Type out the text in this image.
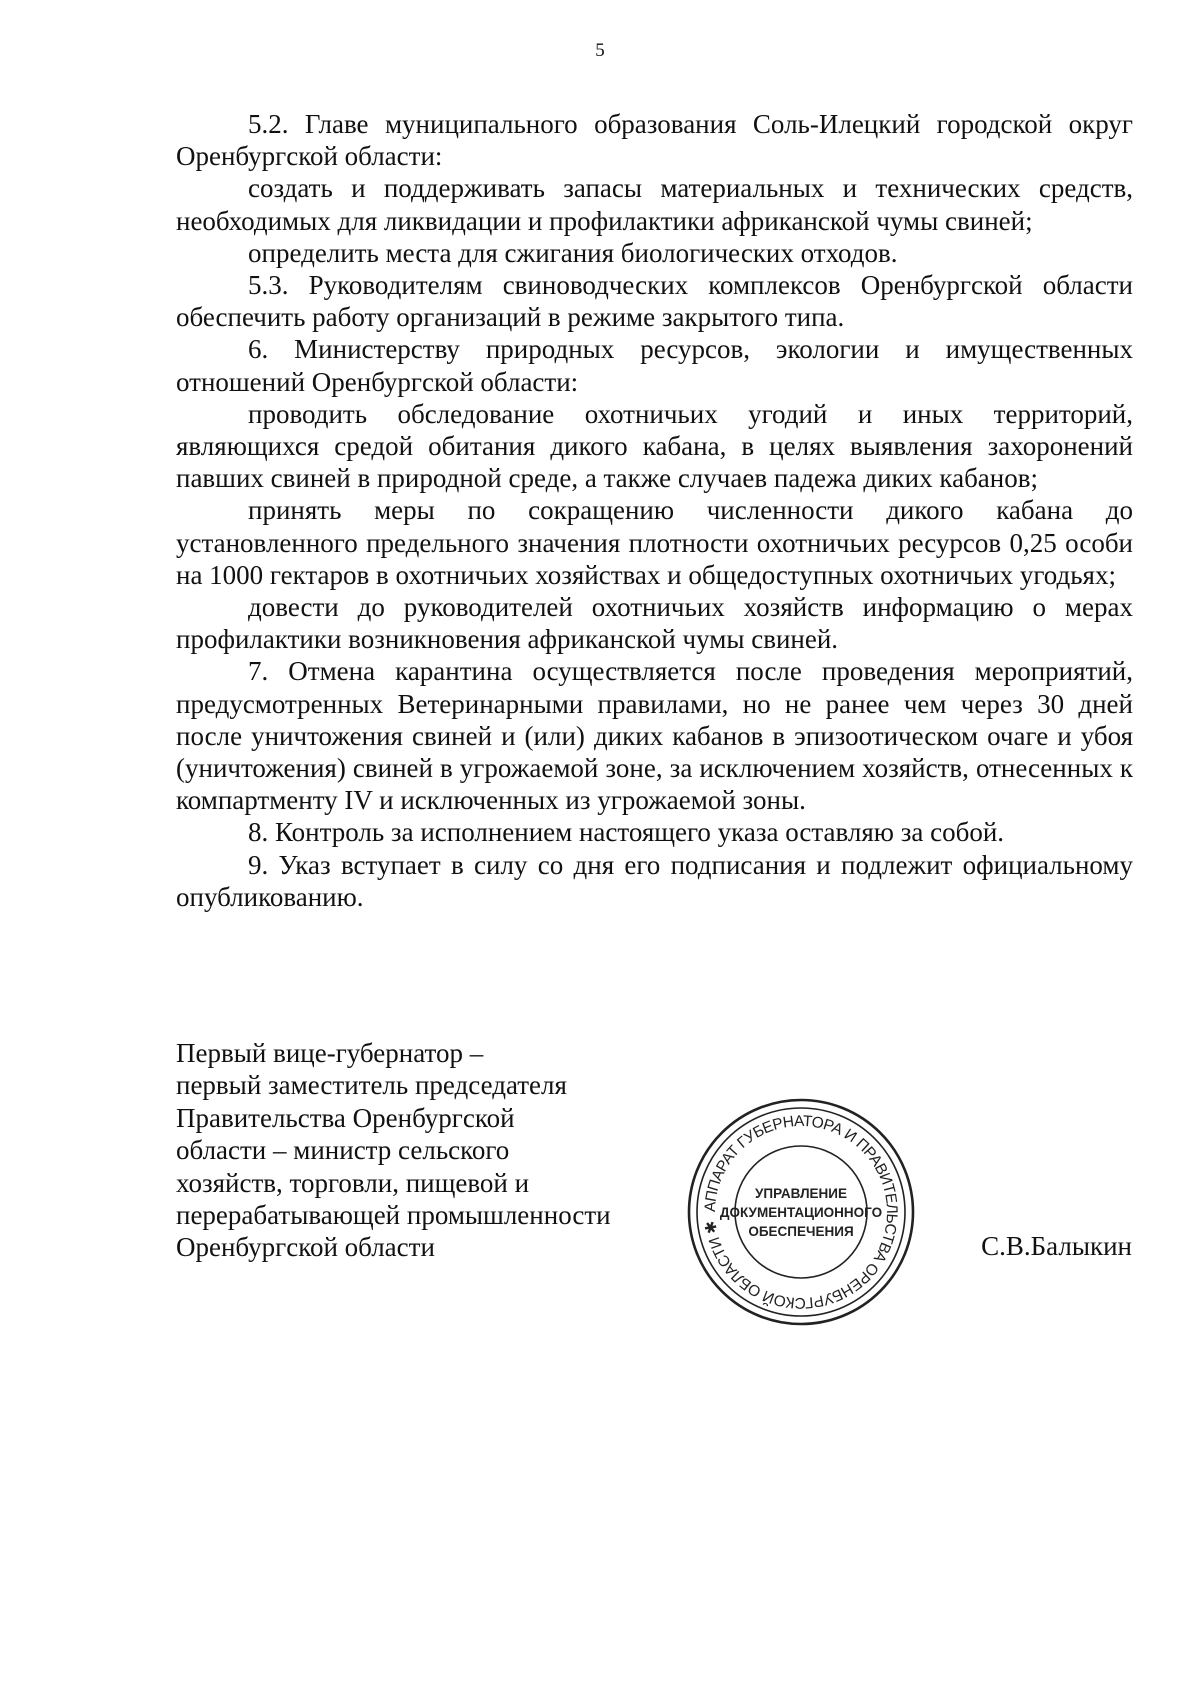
5

5.2. Главе муниципального образования Соль-Илецкий городской округ Оренбургской области:

создать и поддерживать запасы материальных и технических средств, необходимых для ликвидации и профилактики африканской чумы свиней;

определить места для сжигания биологических отходов.

5.3. Руководителям свиноводческих комплексов Оренбургской области обеспечить работу организаций в режиме закрытого типа.

6. Министерству природных ресурсов, экологии и имущественных отношений Оренбургской области:

проводить обследование охотничьих угодий и иных территорий, являющихся средой обитания дикого кабана, в целях выявления захоронений павших свиней в природной среде, а также случаев падежа диких кабанов;

принять меры по сокращению численности дикого кабана до установленного предельного значения плотности охотничьих ресурсов 0,25 особи на 1000 гектаров в охотничьих хозяйствах и общедоступных охотничьих угодьях;

довести до руководителей охотничьих хозяйств информацию о мерах профилактики возникновения африканской чумы свиней.

7. Отмена карантина осуществляется после проведения мероприятий, предусмотренных Ветеринарными правилами, но не ранее чем через 30 дней после уничтожения свиней и (или) диких кабанов в эпизоотическом очаге и убоя (уничтожения) свиней в угрожаемой зоне, за исключением хозяйств, отнесенных к компартменту IV и исключенных из угрожаемой зоны.

8. Контроль за исполнением настоящего указа оставляю за собой.

9. Указ вступает в силу со дня его подписания и подлежит официальному опубликованию.

Первый вице-губернатор –
первый заместитель председателя
Правительства Оренбургской
области – министр сельского
хозяйств, торговли, пищевой и
перерабатывающей промышленности
Оренбургской области
АППАРАТ ГУБЕРНАТОРА И ПРАВИТЕЛЬСТВА ОРЕНБУРГСКОЙ ОБЛАСТИ ✱
УПРАВЛЕНИЕ
ДОКУМЕНТАЦИОННОГО
ОБЕСПЕЧЕНИЯ	С.В.Балыкин
